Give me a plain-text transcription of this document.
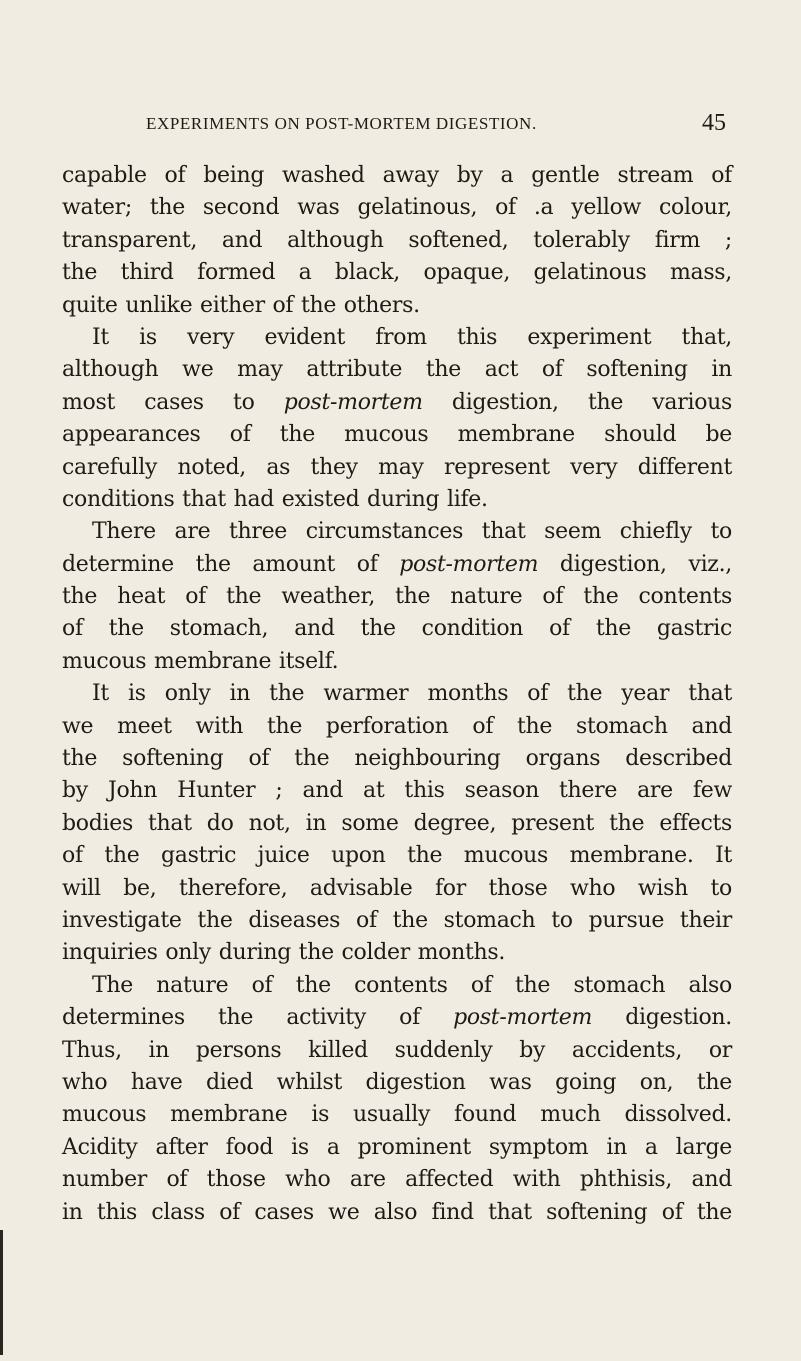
EXPERIMENTS ON POST-MORTEM DIGESTION.	45
capable of being washed away by a gentle stream of
water; the second was gelatinous, of .a yellow colour,
transparent, and although softened, tolerably firm ;
the third formed a black, opaque, gelatinous mass,
quite unlike either of the others.
It is very evident from this experiment that,
although we may attribute the act of softening in
most cases to post-mortem digestion, the various
appearances of the mucous membrane should be
carefully noted, as they may represent very different
conditions that had existed during life.
There are three circumstances that seem chiefly to
determine the amount of post-mortem digestion, viz.,
the heat of the weather, the nature of the contents
of the stomach, and the condition of the gastric
mucous membrane itself.
It is only in the warmer months of the year that
we meet with the perforation of the stomach and
the softening of the neighbouring organs described
by John Hunter ; and at this season there are few
bodies that do not, in some degree, present the effects
of the gastric juice upon the mucous membrane. It
will be, therefore, advisable for those who wish to
investigate the diseases of the stomach to pursue their
inquiries only during the colder months.
The nature of the contents of the stomach also
determines the activity of post-mortem digestion.
Thus, in persons killed suddenly by accidents, or
who have died whilst digestion was going on, the
mucous membrane is usually found much dissolved.
Acidity after food is a prominent symptom in a large
number of those who are affected with phthisis, and
in this class of cases we also find that softening of the
